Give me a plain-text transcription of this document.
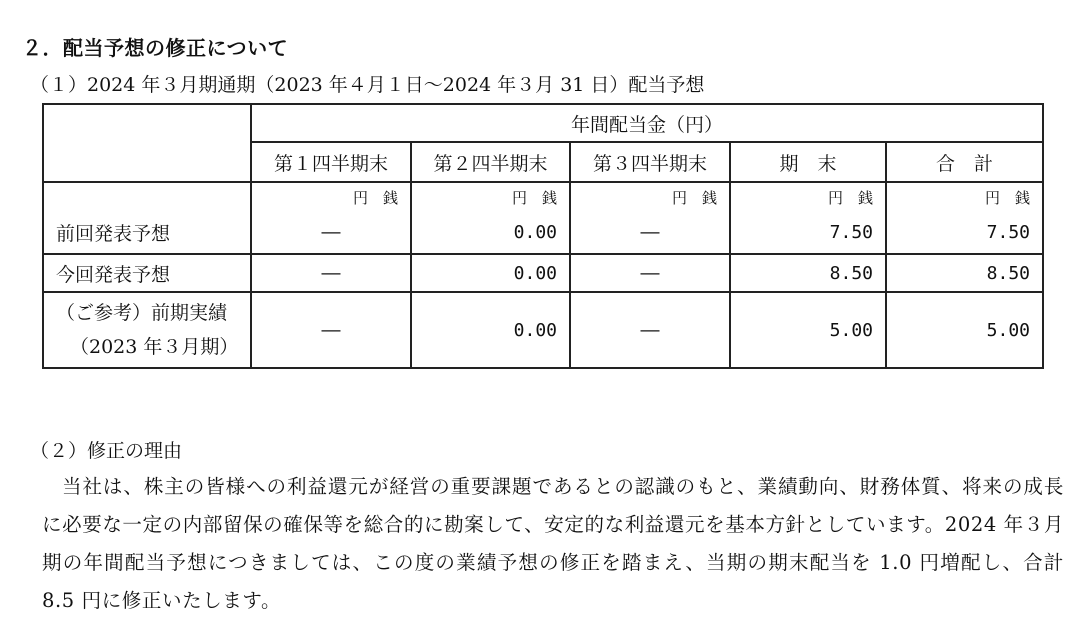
２．配当予想の修正について
（１）2024 年３月期通期（2023 年４月１日～2024 年３月 31 日）配当予想
	年間配当金（円）				
	第１四半期末	第２四半期末	第３四半期末	期　末	合　計
	円　銭	円　銭	円　銭	円　銭	円　銭
前回発表予想	―	0.00	―	7.50	7.50
今回発表予想	―	0.00	―	8.50	8.50
（ご参考）前期実績
（2023 年３月期）	―	0.00	―	5.00	5.00
（２）修正の理由
当社は、株主の皆様への利益還元が経営の重要課題であるとの認識のもと、業績動向、財務体質、将来の成長に必要な一定の内部留保の確保等を総合的に勘案して、安定的な利益還元を基本方針としています。2024 年３月期の年間配当予想につきましては、この度の業績予想の修正を踏まえ、当期の期末配当を 1.0 円増配し、合計 8.5 円に修正いたします。
